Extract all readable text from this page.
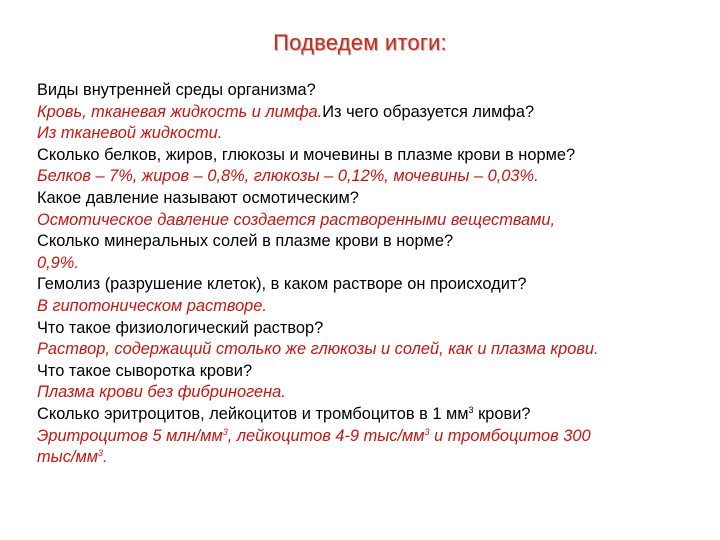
Подведем итоги:
Виды внутренней среды организма?
Кровь, тканевая жидкость и лимфа.Из чего образуется лимфа?
Из тканевой жидкости.
Сколько белков, жиров, глюкозы и мочевины в плазме крови в норме?
Белков – 7%, жиров – 0,8%, глюкозы – 0,12%, мочевины – 0,03%.
Какое давление называют осмотическим?
Осмотическое давление создается растворенными веществами,
Сколько минеральных солей в плазме крови в норме?
0,9%.
Гемолиз (разрушение клеток), в каком растворе он происходит?
В гипотоническом растворе.
Что такое физиологический раствор?
Раствор, содержащий столько же глюкозы и солей, как и плазма крови.
Что такое сыворотка крови?
Плазма крови без фибриногена.
Сколько эритроцитов, лейкоцитов и тромбоцитов в 1 $мм^3$ крови?
Эритроцитов 5 млн/$мм^3$, лейкоцитов 4-9 тыс/$мм^3$ и тромбоцитов 300
тыс/$мм^3$.
